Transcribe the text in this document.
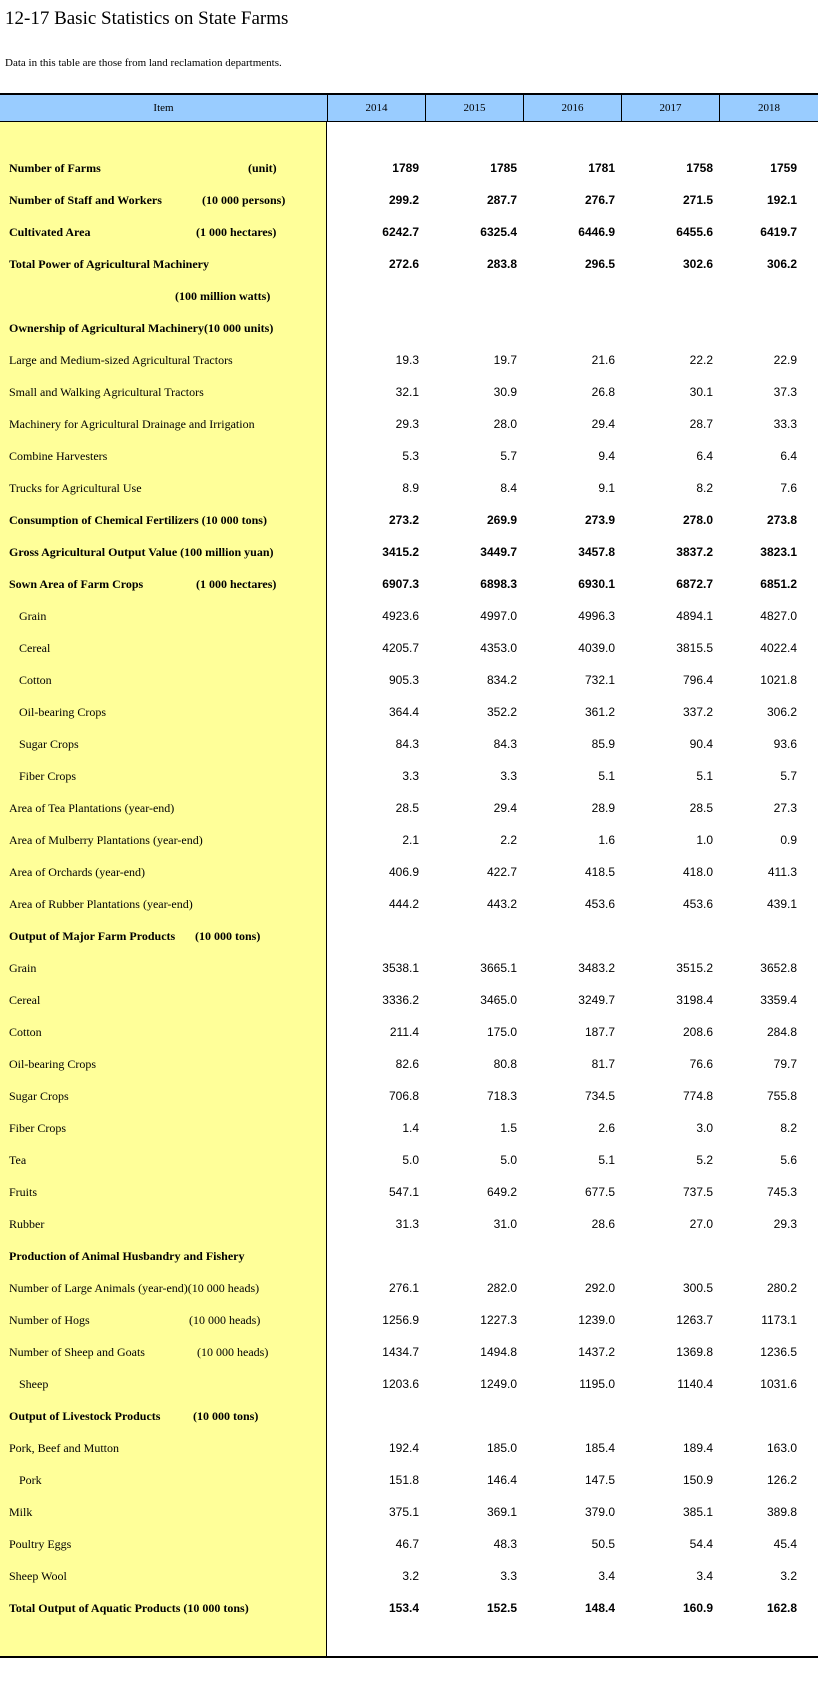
12-17 Basic Statistics on State Farms
Data in this table are those from land reclamation departments.
Item	2014	2015	2016	2017	2018
Number of Farms	(unit)	1789	1785	1781	1758	1759
Number of Staff and Workers	(10 000 persons)	299.2	287.7	276.7	271.5	192.1
Cultivated Area	(1 000 hectares)	6242.7	6325.4	6446.9	6455.6	6419.7
Total Power of Agricultural Machinery	272.6	283.8	296.5	302.6	306.2
(100 million watts)
Ownership of Agricultural Machinery(10 000 units)
Large and Medium-sized Agricultural Tractors	19.3	19.7	21.6	22.2	22.9
Small and Walking Agricultural Tractors	32.1	30.9	26.8	30.1	37.3
Machinery for Agricultural Drainage and Irrigation	29.3	28.0	29.4	28.7	33.3
Combine Harvesters	5.3	5.7	9.4	6.4	6.4
Trucks for Agricultural Use	8.9	8.4	9.1	8.2	7.6
Consumption of Chemical Fertilizers (10 000 tons)	273.2	269.9	273.9	278.0	273.8
Gross Agricultural Output Value (100 million yuan)	3415.2	3449.7	3457.8	3837.2	3823.1
Sown Area of Farm Crops	(1 000 hectares)	6907.3	6898.3	6930.1	6872.7	6851.2
Grain	4923.6	4997.0	4996.3	4894.1	4827.0
Cereal	4205.7	4353.0	4039.0	3815.5	4022.4
Cotton	905.3	834.2	732.1	796.4	1021.8
Oil-bearing Crops	364.4	352.2	361.2	337.2	306.2
Sugar Crops	84.3	84.3	85.9	90.4	93.6
Fiber Crops	3.3	3.3	5.1	5.1	5.7
Area of Tea Plantations (year-end)	28.5	29.4	28.9	28.5	27.3
Area of Mulberry Plantations (year-end)	2.1	2.2	1.6	1.0	0.9
Area of Orchards (year-end)	406.9	422.7	418.5	418.0	411.3
Area of Rubber Plantations (year-end)	444.2	443.2	453.6	453.6	439.1
Output of Major Farm Products (10 000 tons)
Grain	3538.1	3665.1	3483.2	3515.2	3652.8
Cereal	3336.2	3465.0	3249.7	3198.4	3359.4
Cotton	211.4	175.0	187.7	208.6	284.8
Oil-bearing Crops	82.6	80.8	81.7	76.6	79.7
Sugar Crops	706.8	718.3	734.5	774.8	755.8
Fiber Crops	1.4	1.5	2.6	3.0	8.2
Tea	5.0	5.0	5.1	5.2	5.6
Fruits	547.1	649.2	677.5	737.5	745.3
Rubber	31.3	31.0	28.6	27.0	29.3
Production of Animal Husbandry and Fishery
Number of Large Animals (year-end)(10 000 heads)	276.1	282.0	292.0	300.5	280.2
Number of Hogs	(10 000 heads)	1256.9	1227.3	1239.0	1263.7	1173.1
Number of Sheep and Goats	(10 000 heads)	1434.7	1494.8	1437.2	1369.8	1236.5
Sheep	1203.6	1249.0	1195.0	1140.4	1031.6
Output of Livestock Products	(10 000 tons)
Pork, Beef and Mutton	192.4	185.0	185.4	189.4	163.0
Pork	151.8	146.4	147.5	150.9	126.2
Milk	375.1	369.1	379.0	385.1	389.8
Poultry Eggs	46.7	48.3	50.5	54.4	45.4
Sheep Wool	3.2	3.3	3.4	3.4	3.2
Total Output of Aquatic Products (10 000 tons)	153.4	152.5	148.4	160.9	162.8
